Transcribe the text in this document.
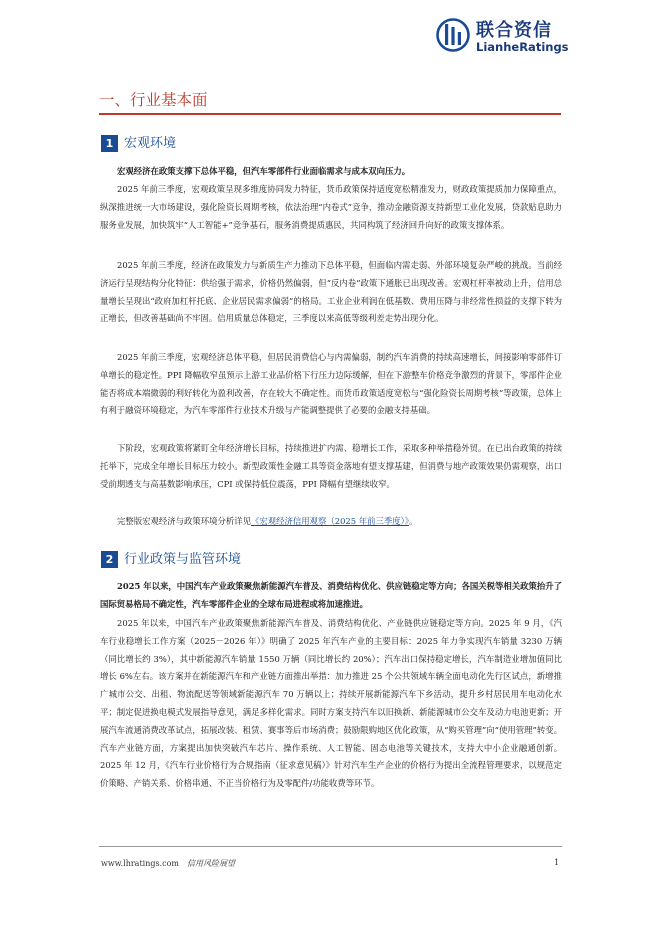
联合资信
LianheRatings
一、行业基本面
1 宏观环境

宏观经济在政策支撑下总体平稳，但汽车零部件行业面临需求与成本双向压力。

2025 年前三季度，宏观政策呈现多维度协同发力特征，货币政策保持适度宽松精准发力，财政政策提质加力保障重点，纵深推进统一大市场建设，强化险资长周期考核，依法治理“内卷式”竞争，推动金融资源支持新型工业化发展，贷款贴息助力服务业发展，加快筑牢“人工智能+”竞争基石，服务消费提质惠民，共同构筑了经济回升向好的政策支撑体系。

2025 年前三季度，经济在政策发力与新质生产力推动下总体平稳，但面临内需走弱、外部环境复杂严峻的挑战。当前经济运行呈现结构分化特征：供给强于需求，价格仍然偏弱，但“反内卷”政策下通胀已出现改善。宏观杠杆率被动上升，信用总量增长呈现出“政府加杠杆托底、企业居民需求偏弱”的格局。工业企业利润在低基数、费用压降与非经常性损益的支撑下转为正增长，但改善基础尚不牢固。信用质量总体稳定，三季度以来高低等级利差走势出现分化。

2025 年前三季度，宏观经济总体平稳，但居民消费信心与内需偏弱，制约汽车消费的持续高速增长，间接影响零部件订单增长的稳定性。PPI 降幅收窄虽预示上游工业品价格下行压力边际缓解，但在下游整车价格竞争激烈的背景下，零部件企业能否将成本端微弱的利好转化为盈利改善，存在较大不确定性。而货币政策适度宽松与“强化险资长周期考核”等政策，总体上有利于融资环境稳定，为汽车零部件行业技术升级与产能调整提供了必要的金融支持基础。

下阶段，宏观政策将紧盯全年经济增长目标，持续推进扩内需、稳增长工作，采取多种举措稳外贸。在已出台政策的持续托举下，完成全年增长目标压力较小。新型政策性金融工具等资金落地有望支撑基建，但消费与地产政策效果仍需观察，出口受前期透支与高基数影响承压，CPI 或保持低位震荡，PPI 降幅有望继续收窄。

完整版宏观经济与政策环境分析详见《宏观经济信用观察（2025 年前三季度）》。

2 行业政策与监管环境

2025 年以来，中国汽车产业政策聚焦新能源汽车普及、消费结构优化、供应链稳定等方向；各国关税等相关政策抬升了国际贸易格局不确定性，汽车零部件企业的全球布局进程或将加速推进。

2025 年以来，中国汽车产业政策聚焦新能源汽车普及、消费结构优化、产业链供应链稳定等方向。2025 年 9 月，《汽车行业稳增长工作方案（2025－2026 年）》明确了 2025 年汽车产业的主要目标：2025 年力争实现汽车销量 3230 万辆（同比增长约 3%），其中新能源汽车销量 1550 万辆（同比增长约 20%）；汽车出口保持稳定增长，汽车制造业增加值同比增长 6%左右。该方案并在新能源汽车和产业链方面推出举措：加力推进 25 个公共领域车辆全面电动化先行区试点，新增推广城市公交、出租、物流配送等领域新能源汽车 70 万辆以上；持续开展新能源汽车下乡活动，提升乡村居民用车电动化水平；制定促进换电模式发展指导意见，满足多样化需求。同时方案支持汽车以旧换新、新能源城市公交车及动力电池更新；开展汽车流通消费改革试点，拓展改装、租赁、赛事等后市场消费；鼓励限购地区优化政策，从“购买管理”向“使用管理”转变。汽车产业链方面，方案提出加快突破汽车芯片、操作系统、人工智能、固态电池等关键技术，支持大中小企业融通创新。2025 年 12 月，《汽车行业价格行为合规指南（征求意见稿）》针对汽车生产企业的价格行为提出全流程管理要求，以规范定价策略、产销关系、价格串通、不正当价格行为及零配件/功能收费等环节。

www.lhratings.com 信用风险展望	1
